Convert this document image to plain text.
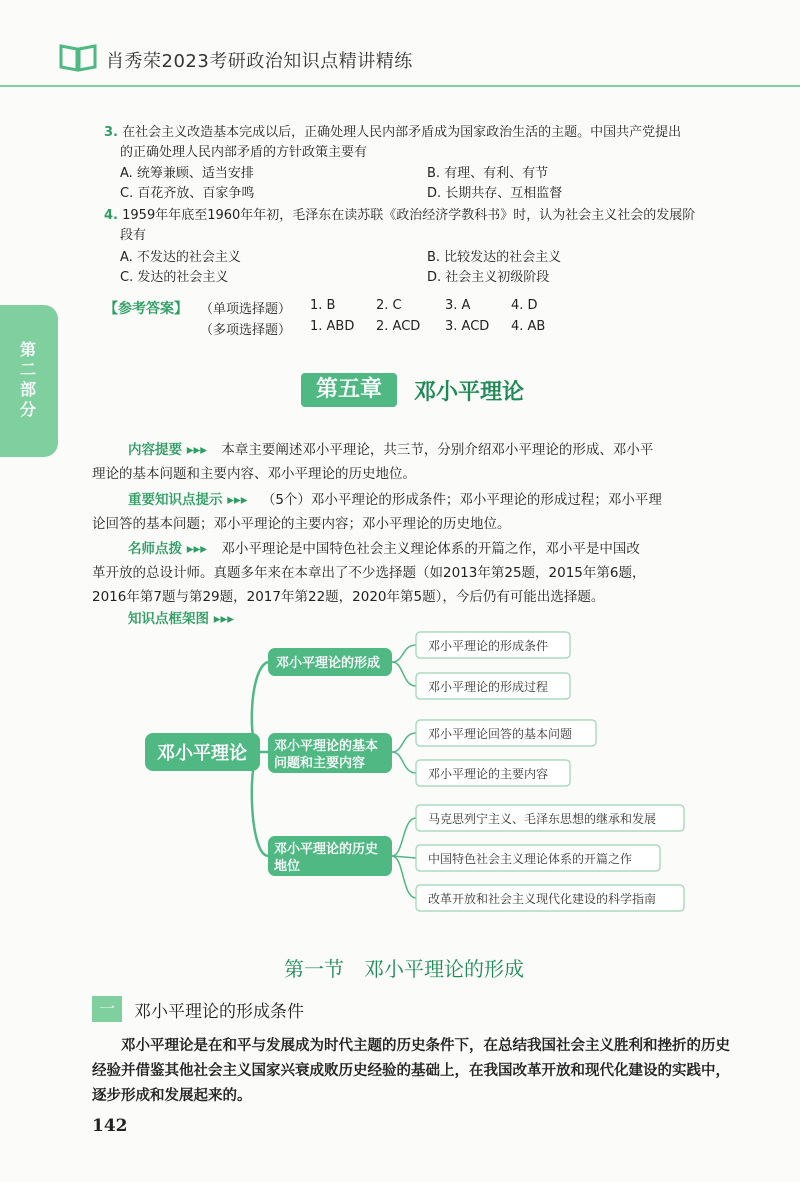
肖秀荣2023考研政治知识点精讲精练
第二部分
3. 在社会主义改造基本完成以后，正确处理人民内部矛盾成为国家政治生活的主题。中国共产党提出
的正确处理人民内部矛盾的方针政策主要有
A. 统筹兼顾、适当安排	B. 有理、有利、有节
C. 百花齐放、百家争鸣	D. 长期共存、互相监督
4. 1959年年底至1960年年初，毛泽东在读苏联《政治经济学教科书》时，认为社会主义社会的发展阶
段有
A. 不发达的社会主义	B. 比较发达的社会主义
C. 发达的社会主义	D. 社会主义初级阶段
【参考答案】 （单项选择题） 1. B	2. C	3. A	4. D
（多项选择题） 1. ABD 2. ACD 3. ACD 4. AB
第五章	邓小平理论
内容提要 ▸▸▸ 本章主要阐述邓小平理论，共三节，分别介绍邓小平理论的形成、邓小平
理论的基本问题和主要内容、邓小平理论的历史地位。
重要知识点提示 ▸▸▸ （5个）邓小平理论的形成条件；邓小平理论的形成过程；邓小平理
论回答的基本问题；邓小平理论的主要内容；邓小平理论的历史地位。
名师点拨 ▸▸▸ 邓小平理论是中国特色社会主义理论体系的开篇之作，邓小平是中国改
革开放的总设计师。真题多年来在本章出了不少选择题（如2013年第25题，2015年第6题，
2016年第7题与第29题，2017年第22题，2020年第5题），今后仍有可能出选择题。
知识点框架图 ▸▸▸
邓小平理论
邓小平理论的形成
邓小平理论的基本
问题和主要内容
邓小平理论的历史
地位
邓小平理论的形成条件
邓小平理论的形成过程
邓小平理论回答的基本问题
邓小平理论的主要内容
马克思列宁主义、毛泽东思想的继承和发展
中国特色社会主义理论体系的开篇之作
改革开放和社会主义现代化建设的科学指南
第一节　邓小平理论的形成
一	邓小平理论的形成条件
邓小平理论是在和平与发展成为时代主题的历史条件下，在总结我国社会主义胜利和挫折的历史经验并借鉴其他社会主义国家兴衰成败历史经验的基础上，在我国改革开放和现代化建设的实践中，逐步形成和发展起来的。
142
